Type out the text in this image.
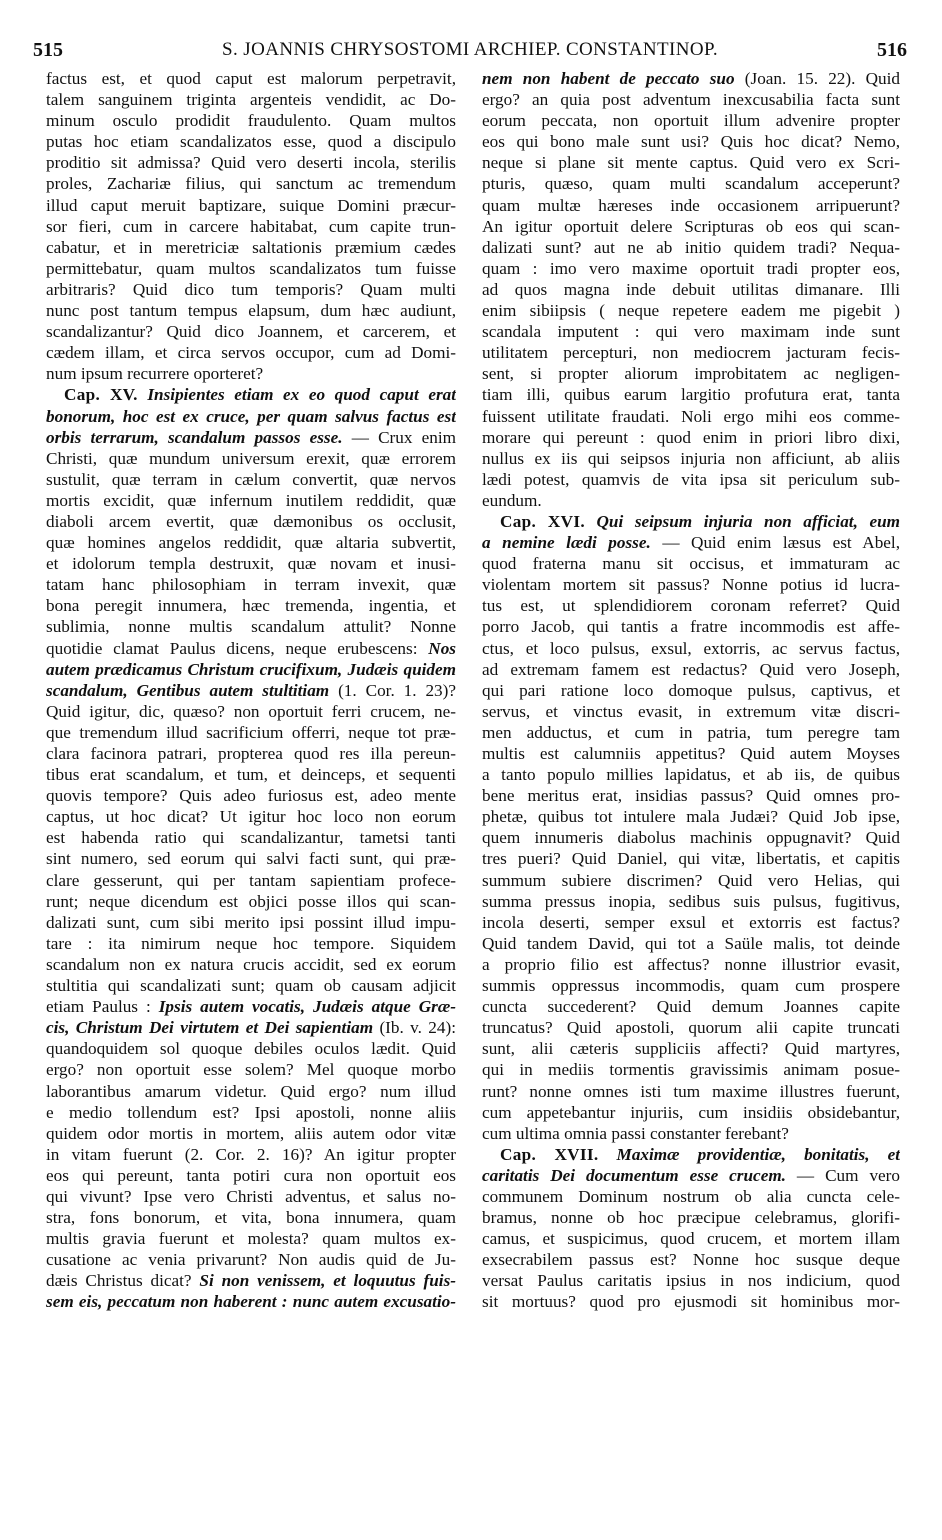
515	S. JOANNIS CHRYSOSTOMI ARCHIEP. CONSTANTINOP.	516
factus est, et quod caput est malorum perpetravit,
talem sanguinem triginta argenteis vendidit, ac Do-
minum osculo prodidit fraudulento. Quam multos
putas hoc etiam scandalizatos esse, quod a discipulo
proditio sit admissa? Quid vero deserti incola, sterilis
proles, Zachariæ filius, qui sanctum ac tremendum
illud caput meruit baptizare, suique Domini præcur-
sor fieri, cum in carcere habitabat, cum capite trun-
cabatur, et in meretriciæ saltationis præmium cædes
permittebatur, quam multos scandalizatos tum fuisse
arbitraris? Quid dico tum temporis? Quam multi
nunc post tantum tempus elapsum, dum hæc audiunt,
scandalizantur? Quid dico Joannem, et carcerem, et
cædem illam, et circa servos occupor, cum ad Domi-
num ipsum recurrere oporteret?
Cap. XV. Insipientes etiam ex eo quod caput erat
bonorum, hoc est ex cruce, per quam salvus factus est
orbis terrarum, scandalum passos esse. — Crux enim
Christi, quæ mundum universum erexit, quæ errorem
sustulit, quæ terram in cælum convertit, quæ nervos
mortis excidit, quæ infernum inutilem reddidit, quæ
diaboli arcem evertit, quæ dæmonibus os occlusit,
quæ homines angelos reddidit, quæ altaria subvertit,
et idolorum templa destruxit, quæ novam et inusi-
tatam hanc philosophiam in terram invexit, quæ
bona peregit innumera, hæc tremenda, ingentia, et
sublimia, nonne multis scandalum attulit? Nonne
quotidie clamat Paulus dicens, neque erubescens: Nos
autem prædicamus Christum crucifixum, Judæis quidem
scandalum, Gentibus autem stultitiam (1. Cor. 1. 23)?
Quid igitur, dic, quæso? non oportuit ferri crucem, ne-
que tremendum illud sacrificium offerri, neque tot præ-
clara facinora patrari, propterea quod res illa pereun-
tibus erat scandalum, et tum, et deinceps, et sequenti
quovis tempore? Quis adeo furiosus est, adeo mente
captus, ut hoc dicat? Ut igitur hoc loco non eorum
est habenda ratio qui scandalizantur, tametsi tanti
sint numero, sed eorum qui salvi facti sunt, qui præ-
clare gesserunt, qui per tantam sapientiam profece-
runt; neque dicendum est objici posse illos qui scan-
dalizati sunt, cum sibi merito ipsi possint illud impu-
tare : ita nimirum neque hoc tempore. Siquidem
scandalum non ex natura crucis accidit, sed ex eorum
stultitia qui scandalizati sunt; quam ob causam adjicit
etiam Paulus : Ipsis autem vocatis, Judæis atque Græ-
cis, Christum Dei virtutem et Dei sapientiam (Ib. v. 24):
quandoquidem sol quoque debiles oculos lædit. Quid
ergo? non oportuit esse solem? Mel quoque morbo
laborantibus amarum videtur. Quid ergo? num illud
e medio tollendum est? Ipsi apostoli, nonne aliis
quidem odor mortis in mortem, aliis autem odor vitæ
in vitam fuerunt (2. Cor. 2. 16)? An igitur propter
eos qui pereunt, tanta potiri cura non oportuit eos
qui vivunt? Ipse vero Christi adventus, et salus no-
stra, fons bonorum, et vita, bona innumera, quam
multis gravia fuerunt et molesta? quam multos ex-
cusatione ac venia privarunt? Non audis quid de Ju-
dæis Christus dicat? Si non venissem, et loquutus fuis-
sem eis, peccatum non haberent : nunc autem excusatio-
nem non habent de peccato suo (Joan. 15. 22). Quid
ergo? an quia post adventum inexcusabilia facta sunt
eorum peccata, non oportuit illum advenire propter
eos qui bono male sunt usi? Quis hoc dicat? Nemo,
neque si plane sit mente captus. Quid vero ex Scri-
pturis, quæso, quam multi scandalum acceperunt?
quam multæ hæreses inde occasionem arripuerunt?
An igitur oportuit delere Scripturas ob eos qui scan-
dalizati sunt? aut ne ab initio quidem tradi? Nequa-
quam : imo vero maxime oportuit tradi propter eos,
ad quos magna inde debuit utilitas dimanare. Illi
enim sibiipsis ( neque repetere eadem me pigebit )
scandala imputent : qui vero maximam inde sunt
utilitatem percepturi, non mediocrem jacturam fecis-
sent, si propter aliorum improbitatem ac negligen-
tiam illi, quibus earum largitio profutura erat, tanta
fuissent utilitate fraudati. Noli ergo mihi eos comme-
morare qui pereunt : quod enim in priori libro dixi,
nullus ex iis qui seipsos injuria non afficiunt, ab aliis
lædi potest, quamvis de vita ipsa sit periculum sub-
eundum.
Cap. XVI. Qui seipsum injuria non afficiat, eum
a nemine lædi posse. — Quid enim læsus est Abel,
quod fraterna manu sit occisus, et immaturam ac
violentam mortem sit passus? Nonne potius id lucra-
tus est, ut splendidiorem coronam referret? Quid
porro Jacob, qui tantis a fratre incommodis est affe-
ctus, et loco pulsus, exsul, extorris, ac servus factus,
ad extremam famem est redactus? Quid vero Joseph,
qui pari ratione loco domoque pulsus, captivus, et
servus, et vinctus evasit, in extremum vitæ discri-
men adductus, et cum in patria, tum peregre tam
multis est calumniis appetitus? Quid autem Moyses
a tanto populo millies lapidatus, et ab iis, de quibus
bene meritus erat, insidias passus? Quid omnes pro-
phetæ, quibus tot intulere mala Judæi? Quid Job ipse,
quem innumeris diabolus machinis oppugnavit? Quid
tres pueri? Quid Daniel, qui vitæ, libertatis, et capitis
summum subiere discrimen? Quid vero Helias, qui
summa pressus inopia, sedibus suis pulsus, fugitivus,
incola deserti, semper exsul et extorris est factus?
Quid tandem David, qui tot a Saüle malis, tot deinde
a proprio filio est affectus? nonne illustrior evasit,
summis oppressus incommodis, quam cum prospere
cuncta succederent? Quid demum Joannes capite
truncatus? Quid apostoli, quorum alii capite truncati
sunt, alii cæteris suppliciis affecti? Quid martyres,
qui in mediis tormentis gravissimis animam posue-
runt? nonne omnes isti tum maxime illustres fuerunt,
cum appetebantur injuriis, cum insidiis obsidebantur,
cum ultima omnia passi constanter ferebant?
Cap. XVII. Maximæ providentiæ, bonitatis, et
caritatis Dei documentum esse crucem. — Cum vero
communem Dominum nostrum ob alia cuncta cele-
bramus, nonne ob hoc præcipue celebramus, glorifi-
camus, et suspicimus, quod crucem, et mortem illam
exsecrabilem passus est? Nonne hoc susque deque
versat Paulus caritatis ipsius in nos indicium, quod
sit mortuus? quod pro ejusmodi sit hominibus mor-
